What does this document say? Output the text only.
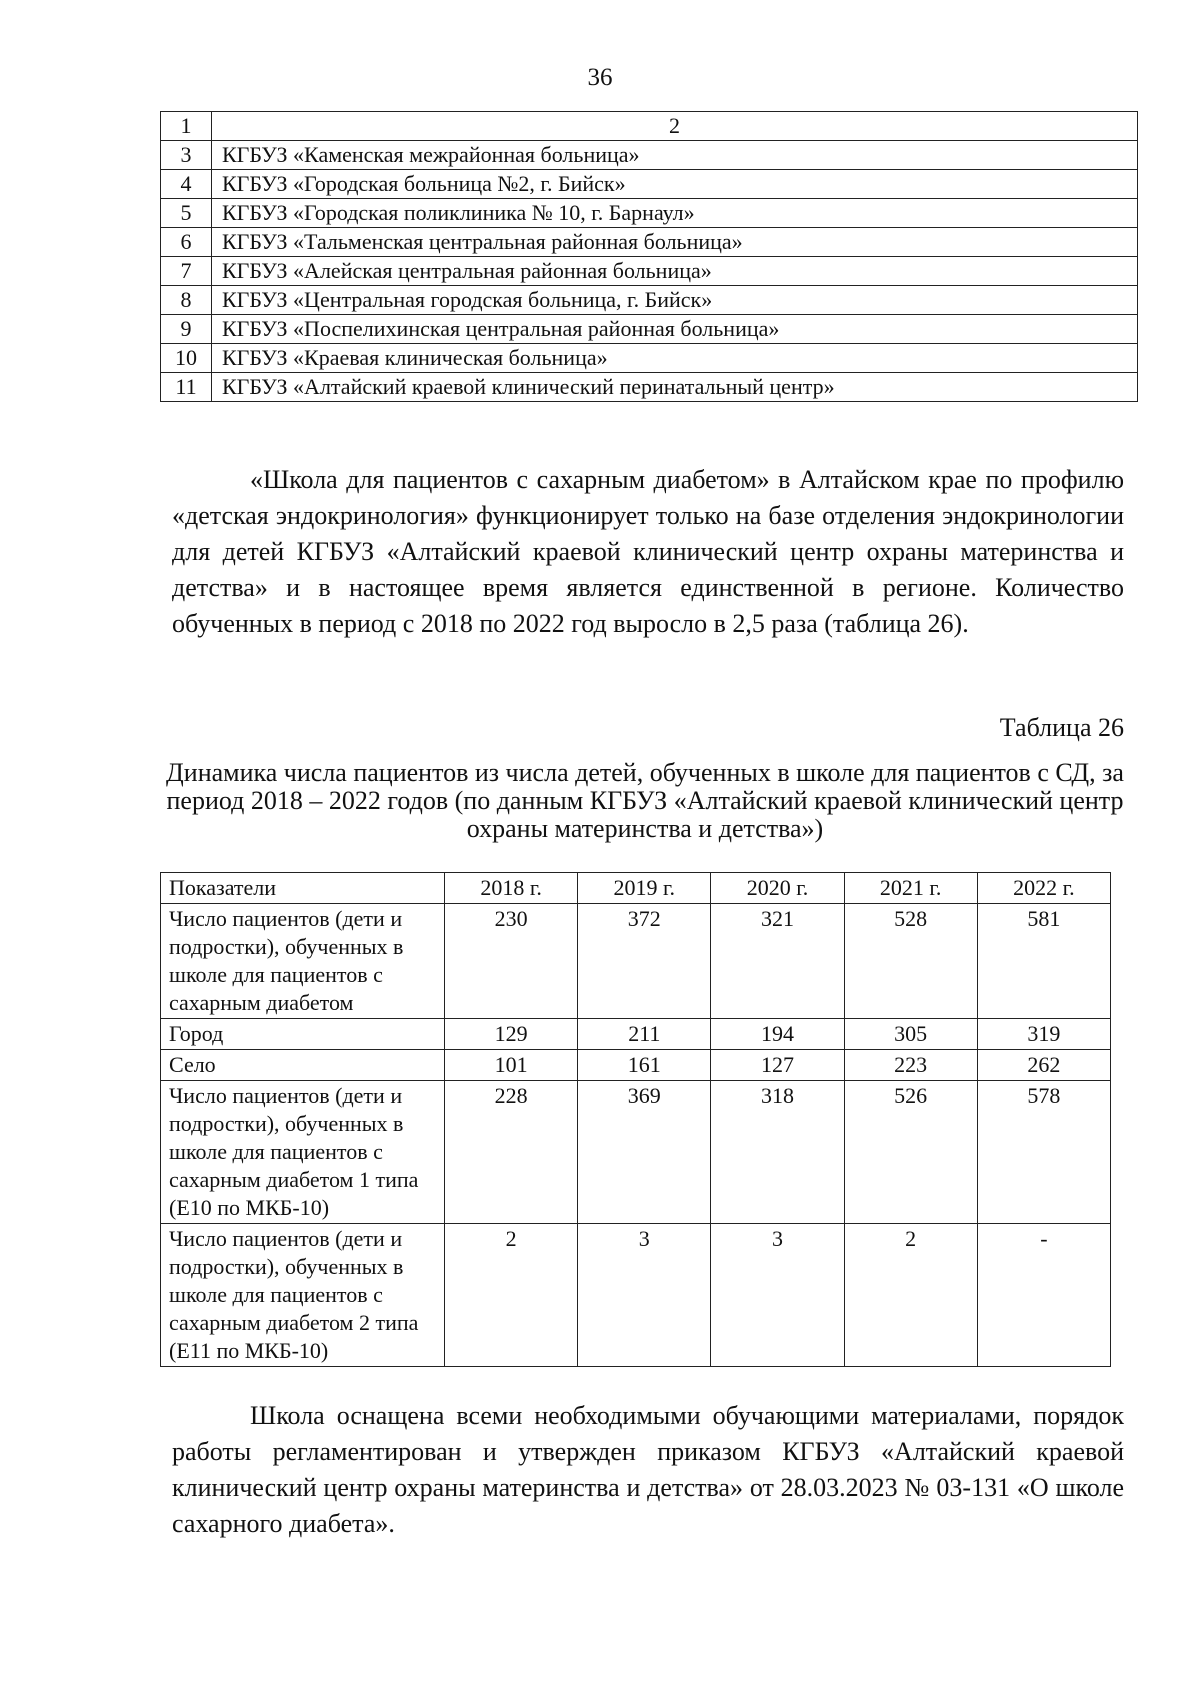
36
1	2
3	КГБУЗ «Каменская межрайонная больница»
4	КГБУЗ «Городская больница №2, г. Бийск»
5	КГБУЗ «Городская поликлиника № 10, г. Барнаул»
6	КГБУЗ «Тальменская центральная районная больница»
7	КГБУЗ «Алейская центральная районная больница»
8	КГБУЗ «Центральная городская больница, г. Бийск»
9	КГБУЗ «Поспелихинская центральная районная больница»
10	КГБУЗ «Краевая клиническая больница»
11	КГБУЗ «Алтайский краевой клинический перинатальный центр»

«Школа для пациентов с сахарным диабетом» в Алтайском крае по профилю «детская эндокринология» функционирует только на базе отделения эндокринологии для детей КГБУЗ «Алтайский краевой клинический центр охраны материнства и детства» и в настоящее время является единственной в регионе. Количество обученных в период с 2018 по 2022 год выросло в 2,5 раза (таблица 26).

Таблица 26

Динамика числа пациентов из числа детей, обученных в школе для пациентов с СД, за период 2018 – 2022 годов (по данным КГБУЗ «Алтайский краевой клинический центр охраны материнства и детства»)

Показатели	2018 г.	2019 г.	2020 г.	2021 г.	2022 г.
Число пациентов (дети и подростки), обученных в школе для пациентов с сахарным диабетом	230	372	321	528	581
Город	129	211	194	305	319
Село	101	161	127	223	262
Число пациентов (дети и подростки), обученных в школе для пациентов с сахарным диабетом 1 типа (Е10 по МКБ-10)	228	369	318	526	578
Число пациентов (дети и подростки), обученных в школе для пациентов с сахарным диабетом 2 типа (Е11 по МКБ-10)	2	3	3	2	-

Школа оснащена всеми необходимыми обучающими материалами, порядок работы регламентирован и утвержден приказом КГБУЗ «Алтайский краевой клинический центр охраны материнства и детства» от 28.03.2023 № 03-131 «О школе сахарного диабета».
